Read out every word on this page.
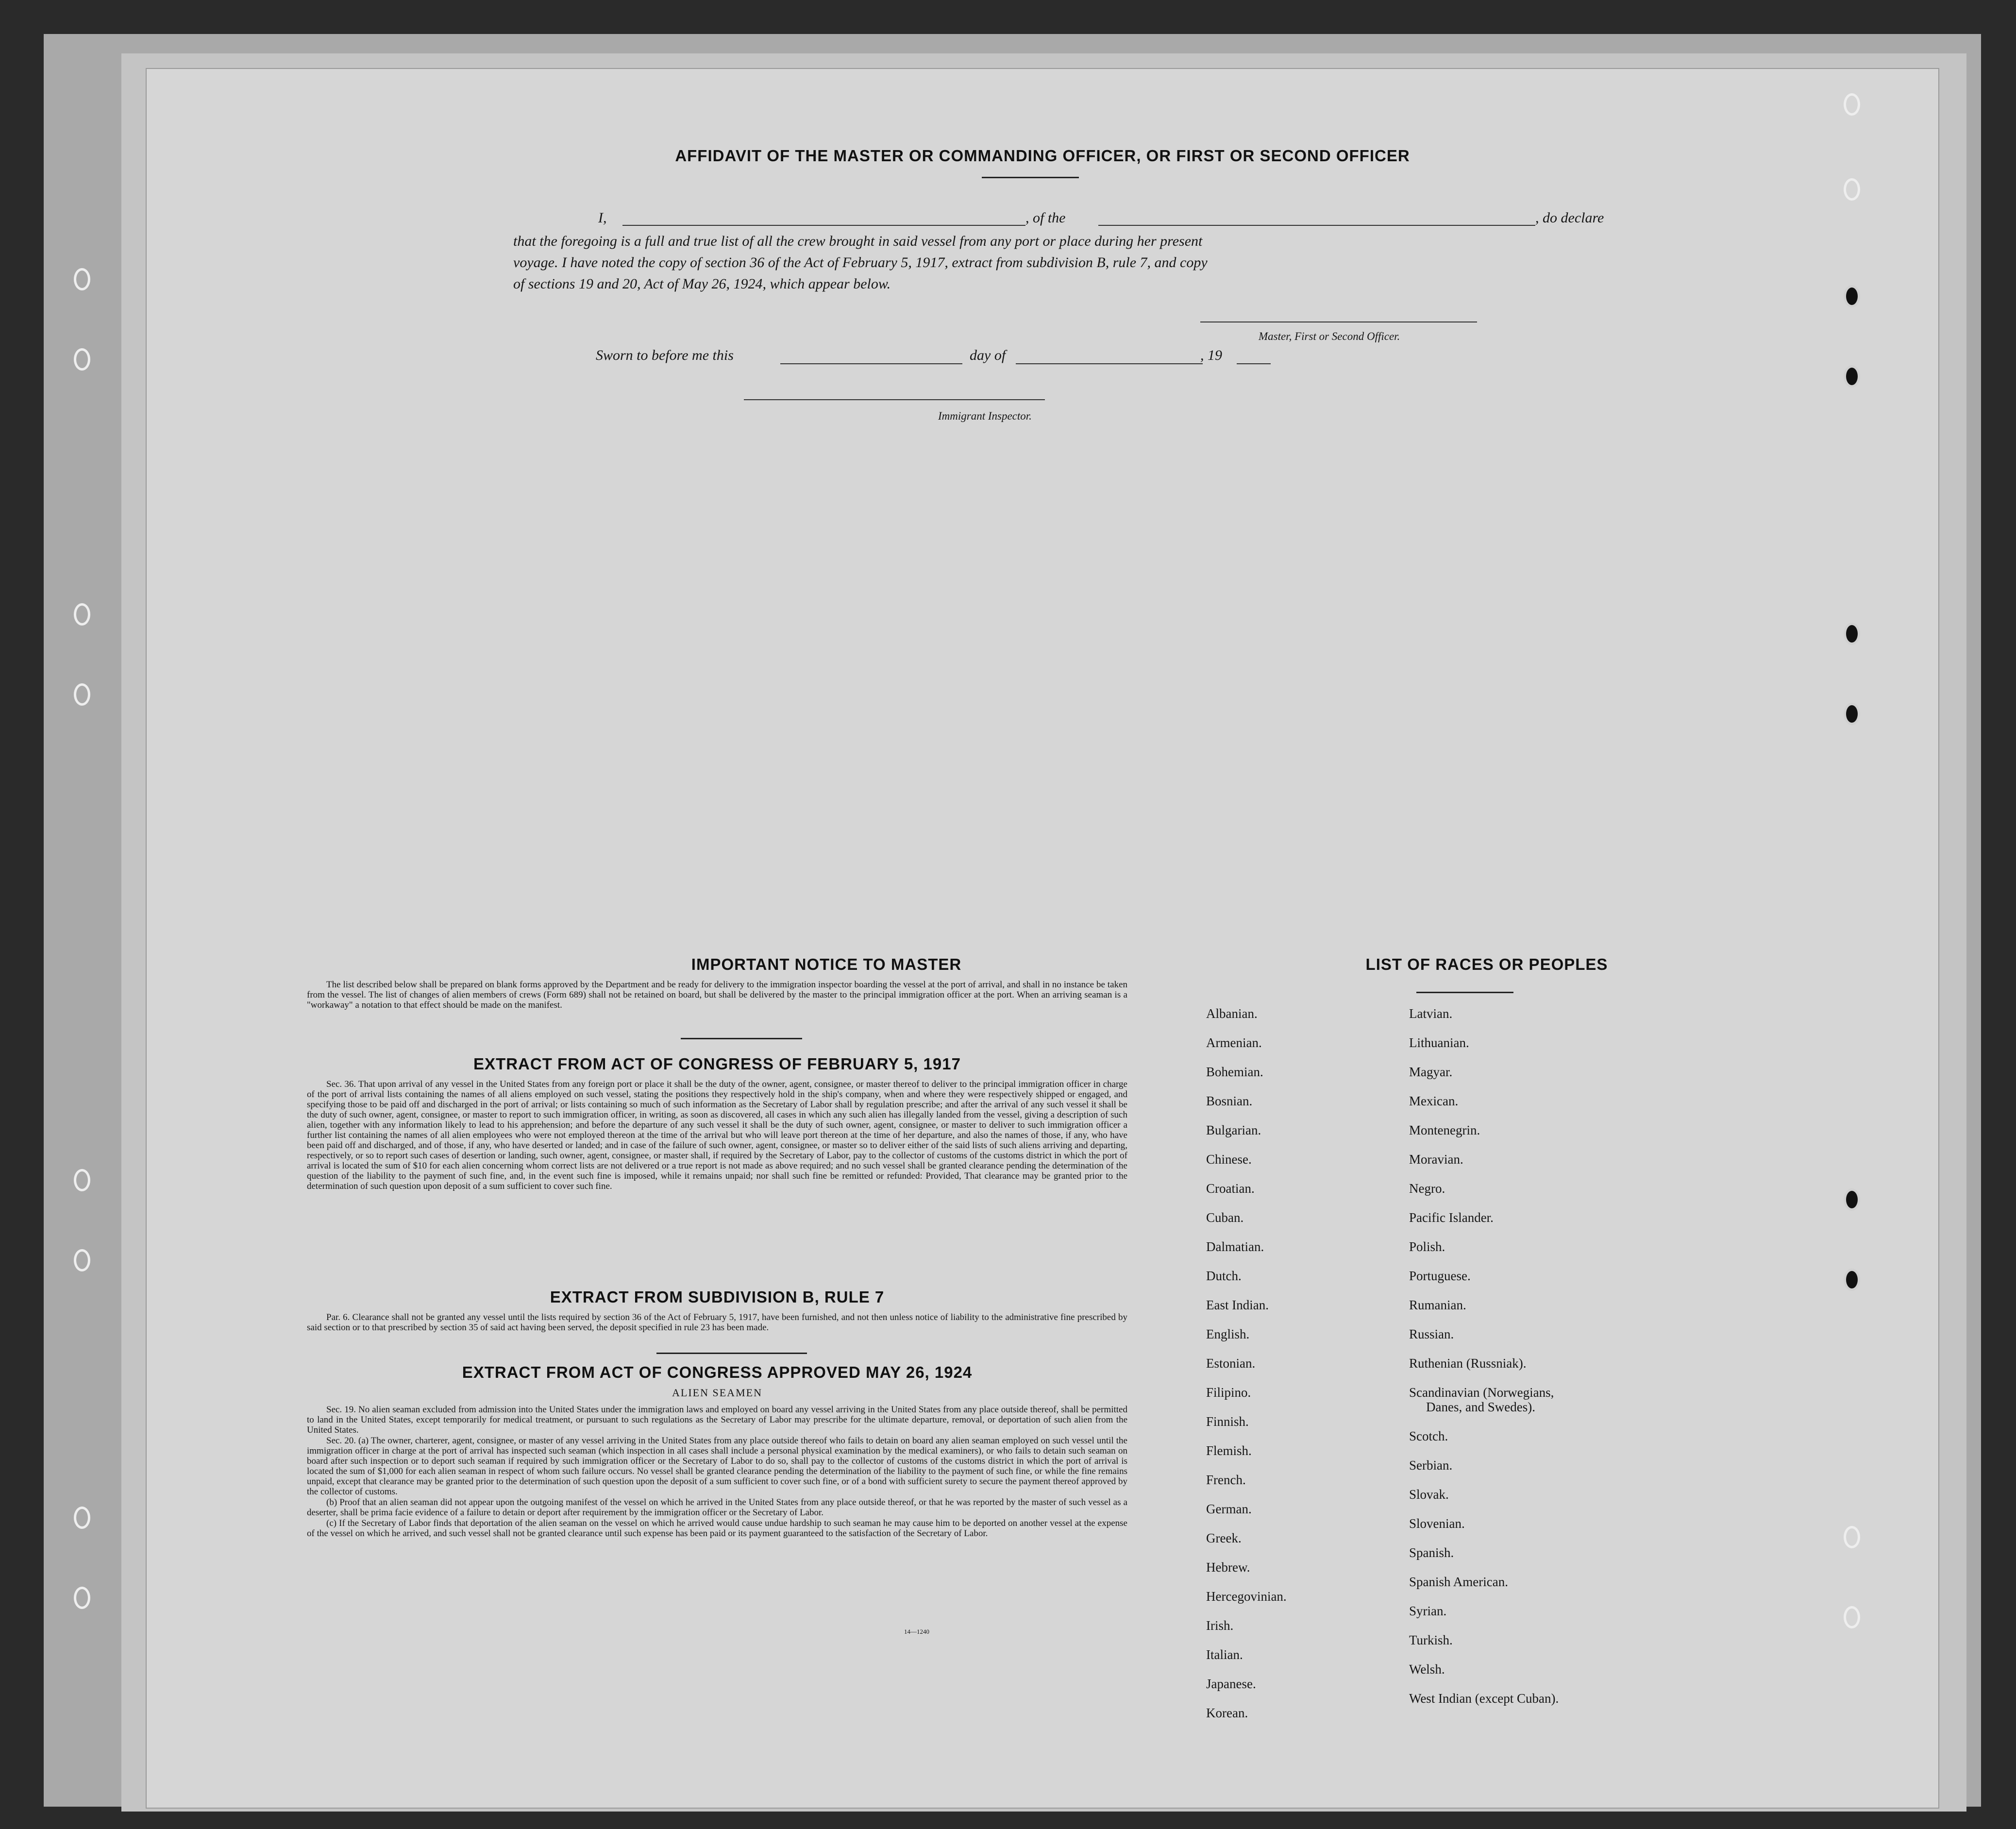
AFFIDAVIT OF THE MASTER OR COMMANDING OFFICER, OR FIRST OR SECOND OFFICER
I,	, of the	, do declare
that the foregoing is a full and true list of all the crew brought in said vessel from any port or place during her present
voyage. I have noted the copy of section 36 of the Act of February 5, 1917, extract from subdivision B, rule 7, and copy
of sections 19 and 20, Act of May 26, 1924, which appear below.
Master, First or Second Officer.
Sworn to before me this	day of	, 19
Immigrant Inspector.
IMPORTANT NOTICE TO MASTER

The list described below shall be prepared on blank forms approved by the Department and be ready for delivery to the immigration inspector boarding the vessel at the port of arrival, and shall in no instance be taken from the vessel. The list of changes of alien members of crews (Form 689) shall not be retained on board, but shall be delivered by the master to the principal immigration officer at the port. When an arriving seaman is a "workaway" a notation to that effect should be made on the manifest.

EXTRACT FROM ACT OF CONGRESS OF FEBRUARY 5, 1917

Sec. 36. That upon arrival of any vessel in the United States from any foreign port or place it shall be the duty of the owner, agent, consignee, or master thereof to deliver to the principal immigration officer in charge of the port of arrival lists containing the names of all aliens employed on such vessel, stating the positions they respectively hold in the ship's company, when and where they were respectively shipped or engaged, and specifying those to be paid off and discharged in the port of arrival; or lists containing so much of such information as the Secretary of Labor shall by regulation prescribe; and after the arrival of any such vessel it shall be the duty of such owner, agent, consignee, or master to report to such immigration officer, in writing, as soon as discovered, all cases in which any such alien has illegally landed from the vessel, giving a description of such alien, together with any information likely to lead to his apprehension; and before the departure of any such vessel it shall be the duty of such owner, agent, consignee, or master to deliver to such immigration officer a further list containing the names of all alien employees who were not employed thereon at the time of the arrival but who will leave port thereon at the time of her departure, and also the names of those, if any, who have been paid off and discharged, and of those, if any, who have deserted or landed; and in case of the failure of such owner, agent, consignee, or master so to deliver either of the said lists of such aliens arriving and departing, respectively, or so to report such cases of desertion or landing, such owner, agent, consignee, or master shall, if required by the Secretary of Labor, pay to the collector of customs of the customs district in which the port of arrival is located the sum of $10 for each alien concerning whom correct lists are not delivered or a true report is not made as above required; and no such vessel shall be granted clearance pending the determination of the question of the liability to the payment of such fine, and, in the event such fine is imposed, while it remains unpaid; nor shall such fine be remitted or refunded: Provided, That clearance may be granted prior to the determination of such question upon deposit of a sum sufficient to cover such fine.

EXTRACT FROM SUBDIVISION B, RULE 7

Par. 6. Clearance shall not be granted any vessel until the lists required by section 36 of the Act of February 5, 1917, have been furnished, and not then unless notice of liability to the administrative fine prescribed by said section or to that prescribed by section 35 of said act having been served, the deposit specified in rule 23 has been made.

EXTRACT FROM ACT OF CONGRESS APPROVED MAY 26, 1924
ALIEN SEAMEN

Sec. 19. No alien seaman excluded from admission into the United States under the immigration laws and employed on board any vessel arriving in the United States from any place outside thereof, shall be permitted to land in the United States, except temporarily for medical treatment, or pursuant to such regulations as the Secretary of Labor may prescribe for the ultimate departure, removal, or deportation of such alien from the United States.

Sec. 20. (a) The owner, charterer, agent, consignee, or master of any vessel arriving in the United States from any place outside thereof who fails to detain on board any alien seaman employed on such vessel until the immigration officer in charge at the port of arrival has inspected such seaman (which inspection in all cases shall include a personal physical examination by the medical examiners), or who fails to detain such seaman on board after such inspection or to deport such seaman if required by such immigration officer or the Secretary of Labor to do so, shall pay to the collector of customs of the customs district in which the port of arrival is located the sum of $1,000 for each alien seaman in respect of whom such failure occurs. No vessel shall be granted clearance pending the determination of the liability to the payment of such fine, or while the fine remains unpaid, except that clearance may be granted prior to the determination of such question upon the deposit of a sum sufficient to cover such fine, or of a bond with sufficient surety to secure the payment thereof approved by the collector of customs.

(b) Proof that an alien seaman did not appear upon the outgoing manifest of the vessel on which he arrived in the United States from any place outside thereof, or that he was reported by the master of such vessel as a deserter, shall be prima facie evidence of a failure to detain or deport after requirement by the immigration officer or the Secretary of Labor.

(c) If the Secretary of Labor finds that deportation of the alien seaman on the vessel on which he arrived would cause undue hardship to such seaman he may cause him to be deported on another vessel at the expense of the vessel on which he arrived, and such vessel shall not be granted clearance until such expense has been paid or its payment guaranteed to the satisfaction of the Secretary of Labor.

14—1240
LIST OF RACES OR PEOPLES
Albanian.
Armenian.
Bohemian.
Bosnian.
Bulgarian.
Chinese.
Croatian.
Cuban.
Dalmatian.
Dutch.
East Indian.
English.
Estonian.
Filipino.
Finnish.
Flemish.
French.
German.
Greek.
Hebrew.
Hercegovinian.
Irish.
Italian.
Japanese.
Korean.
Latvian.
Lithuanian.
Magyar.
Mexican.
Montenegrin.
Moravian.
Negro.
Pacific Islander.
Polish.
Portuguese.
Rumanian.
Russian.
Ruthenian (Russniak).
Scandinavian (Norwegians,
Danes, and Swedes).
Scotch.
Serbian.
Slovak.
Slovenian.
Spanish.
Spanish American.
Syrian.
Turkish.
Welsh.
West Indian (except Cuban).
